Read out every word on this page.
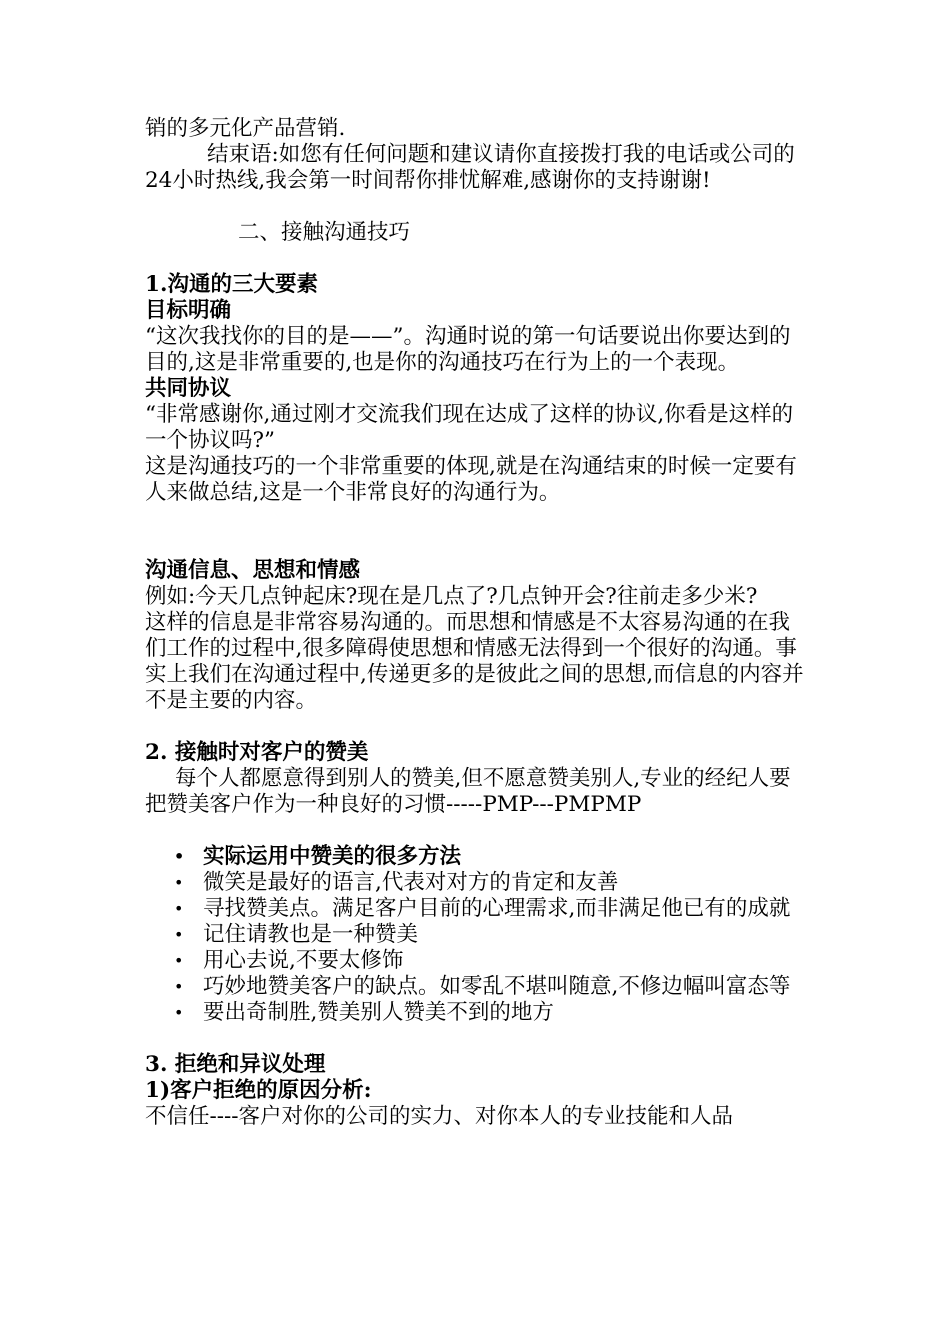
销的多元化产品营销.

结束语:如您有任何问题和建议请你直接拨打我的电话或公司的24小时热线,我会第一时间帮你排忧解难,感谢你的支持谢谢!

二、接触沟通技巧

1.沟通的三大要素

目标明确

“这次我找你的目的是——”。沟通时说的第一句话要说出你要达到的目的,这是非常重要的,也是你的沟通技巧在行为上的一个表现。

共同协议

“非常感谢你,通过刚才交流我们现在达成了这样的协议,你看是这样的一个协议吗?”

这是沟通技巧的一个非常重要的体现,就是在沟通结束的时候一定要有人来做总结,这是一个非常良好的沟通行为。

沟通信息、思想和情感

例如:今天几点钟起床?现在是几点了?几点钟开会?往前走多少米?

这样的信息是非常容易沟通的。而思想和情感是不太容易沟通的在我们工作的过程中,很多障碍使思想和情感无法得到一个很好的沟通。事实上我们在沟通过程中,传递更多的是彼此之间的思想,而信息的内容并不是主要的内容。

2. 接触时对客户的赞美

每个人都愿意得到别人的赞美,但不愿意赞美别人,专业的经纪人要把赞美客户作为一种良好的习惯-----PMP---PMPMP

• 实际运用中赞美的很多方法
• 微笑是最好的语言,代表对对方的肯定和友善
• 寻找赞美点。满足客户目前的心理需求,而非满足他已有的成就
• 记住请教也是一种赞美
• 用心去说,不要太修饰
• 巧妙地赞美客户的缺点。如零乱不堪叫随意,不修边幅叫富态等
• 要出奇制胜,赞美别人赞美不到的地方

3. 拒绝和异议处理

1)客户拒绝的原因分析:

不信任----客户对你的公司的实力、对你本人的专业技能和人品
